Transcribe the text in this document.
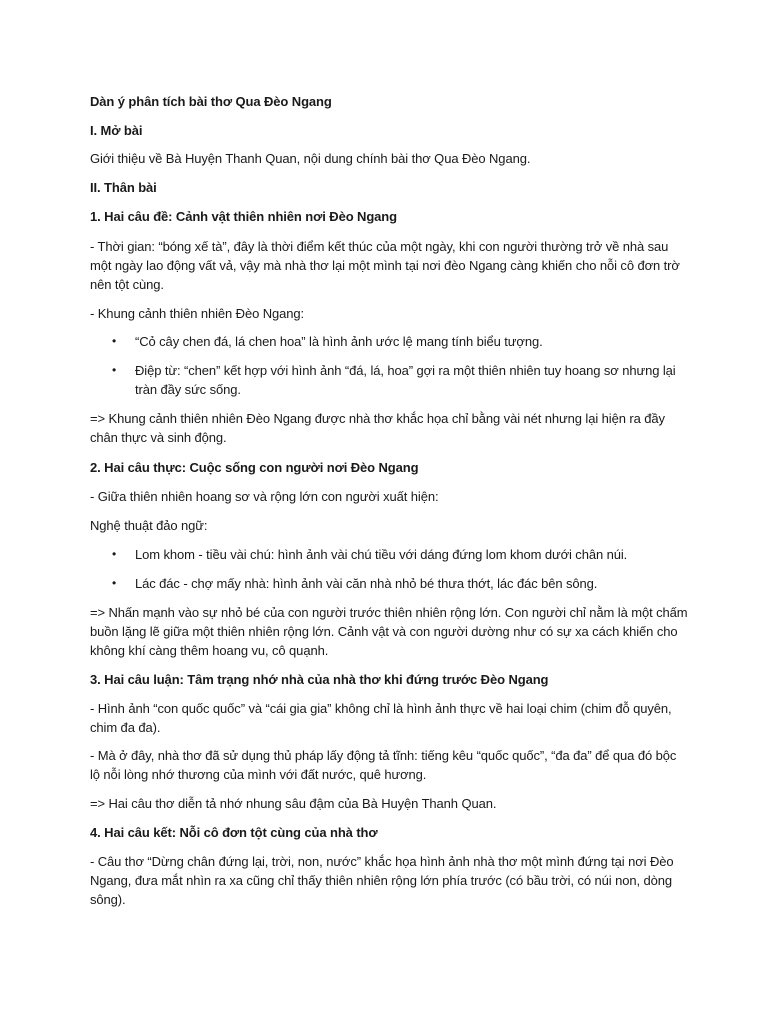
Dàn ý phân tích bài thơ Qua Đèo Ngang
I. Mở bài
Giới thiệu về Bà Huyện Thanh Quan, nội dung chính bài thơ Qua Đèo Ngang.
II. Thân bài
1. Hai câu đề: Cảnh vật thiên nhiên nơi Đèo Ngang
- Thời gian: “bóng xế tà”, đây là thời điểm kết thúc của một ngày, khi con người thường trở về nhà sau
một ngày lao động vất vả, vậy mà nhà thơ lại một mình tại nơi đèo Ngang càng khiến cho nỗi cô đơn trờ
nên tột cùng.
- Khung cảnh thiên nhiên Đèo Ngang:
•	“Cỏ cây chen đá, lá chen hoa” là hình ảnh ước lệ mang tính biểu tượng.
•	Điệp từ: “chen” kết hợp với hình ảnh “đá, lá, hoa” gợi ra một thiên nhiên tuy hoang sơ nhưng lại
tràn đầy sức sống.
=> Khung cảnh thiên nhiên Đèo Ngang được nhà thơ khắc họa chỉ bằng vài nét nhưng lại hiện ra đầy
chân thực và sinh động.
2. Hai câu thực: Cuộc sống con người nơi Đèo Ngang
- Giữa thiên nhiên hoang sơ và rộng lớn con người xuất hiện:
Nghệ thuật đảo ngữ:
•	Lom khom - tiều vài chú: hình ảnh vài chú tiều với dáng đứng lom khom dưới chân núi.
•	Lác đác - chợ mấy nhà: hình ảnh vài căn nhà nhỏ bé thưa thớt, lác đác bên sông.
=> Nhấn mạnh vào sự nhỏ bé của con người trước thiên nhiên rộng lớn. Con người chỉ nằm là một chấm
buồn lặng lẽ giữa một thiên nhiên rộng lớn. Cảnh vật và con người dường như có sự xa cách khiến cho
không khí càng thêm hoang vu, cô quạnh.
3. Hai câu luận: Tâm trạng nhớ nhà của nhà thơ khi đứng trước Đèo Ngang
- Hình ảnh “con quốc quốc” và “cái gia gia” không chỉ là hình ảnh thực về hai loại chim (chim đỗ quyên,
chim đa đa).
- Mà ở đây, nhà thơ đã sử dụng thủ pháp lấy động tả tĩnh: tiếng kêu “quốc quốc”, “đa đa” để qua đó bộc
lộ nỗi lòng nhớ thương của mình với đất nước, quê hương.
=> Hai câu thơ diễn tả nhớ nhung sâu đậm của Bà Huyện Thanh Quan.
4. Hai câu kết: Nỗi cô đơn tột cùng của nhà thơ
- Câu thơ “Dừng chân đứng lại, trời, non, nước” khắc họa hình ảnh nhà thơ một mình đứng tại nơi Đèo
Ngang, đưa mắt nhìn ra xa cũng chỉ thấy thiên nhiên rộng lớn phía trước (có bầu trời, có núi non, dòng
sông).
